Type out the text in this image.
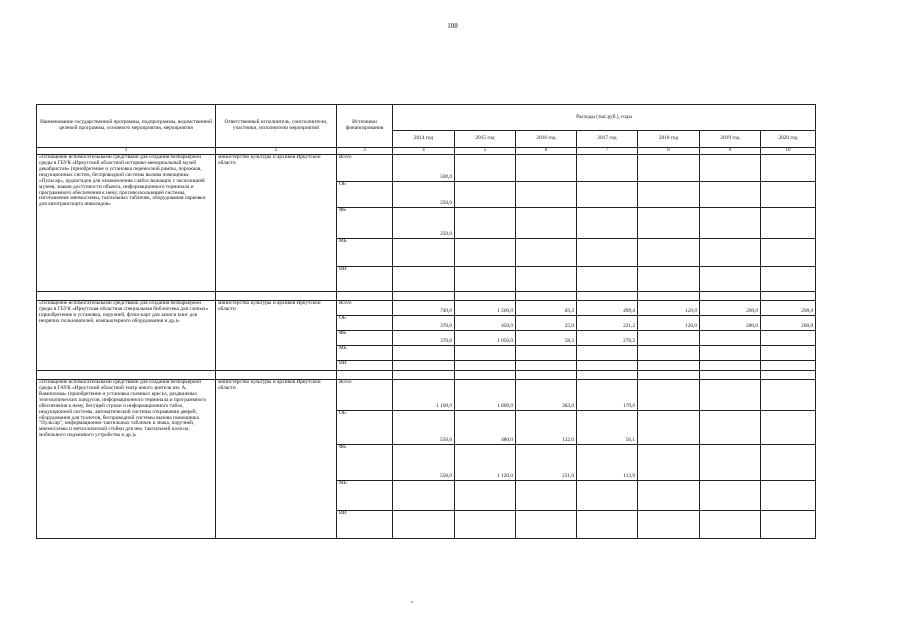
108
Наименование государственной программы, подпрограммы, ведомственной целевой программы, основного мероприятия, мероприятия	Ответственный исполнитель, соисполнители, участники, исполнители мероприятий	Источники финансирования	Расходы (тыс.руб.), годы						
			2014 год	2015 год	2016 год	2017 год	2018 год	2019 год	2020 год
1	2	3	4	5	6	7	8	9	10
«Оснащение вспомогательными средствами для создания безбарьерной среды в ГБУК «Иркутский областной историко-мемориальный музей декабристов» (приобретение и установка переносной рампы, порожков, индукционных систем, беспроводной системы вызова помощника «Пульсар», аудиогидов для ознакомления слабослышащих с экспозицией музеев, знаков доступности объекта, информационного терминала и программного обеспечения к нему, противоскользящей системы, изготовление мнемосхемы, тактильных табличек, оборудования парковки для автотранспорта инвалидов»	министерство культуры и архивов Иркутской области	Всего	500,0						
		ОБ	250,0						
		ФБ	250,0						
		МБ							
		ИИ							

«Оснащение вспомогательными средствами для создания безбарьерной среды в ГБУК «Иркутская областная специальная библиотека для слепых» (приобретение и установка, поручней, флэш-карт для записи книг для незрячих пользователей, компьютерного оборудования и др.)»	министерство культуры и архивов Иркутской области	Всего	740,0	1 500,0	83,3	499,4	120,0	200,0	200,0
		ОБ	370,0	450,0	25,0	221,2	120,0	200,0	200,0
		ФБ	370,0	1 050,0	58,3	278,2			
		МБ							
		ИИ							

«Оснащение вспомогательными средствами для создания безбарьерной среды в ГАУК «Иркутский областной театр юного зрителя им. А. Вампилова» (приобретение и установка съемных кресел, раздвижных телескопических пандусов, информационного терминала и программного обеспечения к нему, бегущей строки и информационного табло, индукционной системы, автоматической системы открывания дверей, оборудования для туалетов, беспроводной системы вызова помощника "Пульсар", информационно-тактильных табличек и знака, поручней, мнемосхемы и металлической стойки для нее, тактильной полосы, мобильного подъемного устройства и др.)»	министерство культуры и архивов Иркутской области	Всего	1 100,0	1 600,0	363,0	170,0			
		ОБ	550,0	480,0	132,0	56,1			
		ФБ	550,0	1 120,0	231,0	113,9			
		МБ							
		ИИ							
